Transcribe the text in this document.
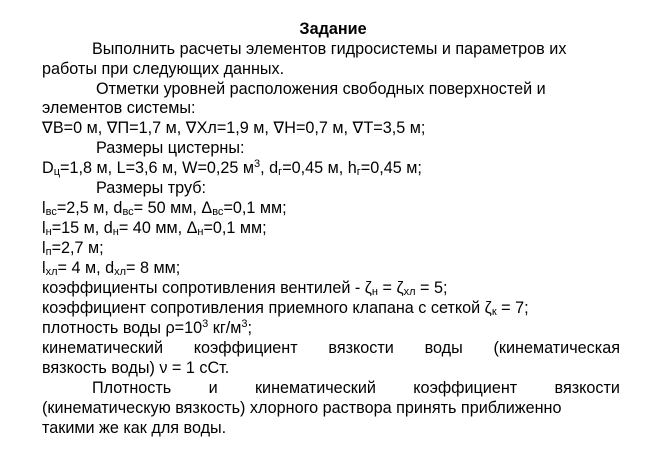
Задание
Выполнить расчеты элементов гидросистемы и параметров их
работы при следующих данных.
Отметки уровней расположения свободных поверхностей и
элементов системы:
∇В=0 м, ∇П=1,7 м, ∇Хл=1,9 м, ∇Н=0,7 м, ∇Т=3,5 м;
Размеры цистерны:
$D_ц=1,8$ м, L=3,6 м, W=0,25 $м^3$, $d_г=0,45$ м, $h_г=0,45$ м;
Размеры труб:
$l_{вс}=2,5$ м, $d_{вс}= 50$ мм, $\Delta_{вс}=0,1$ мм;
$l_н=15$ м, $d_н= 40$ мм, $\Delta_н=0,1$ мм;
$l_п=2,7$ м;
$l_{хл}= 4$ м, $d_{хл}= 8$ мм;
коэффициенты сопротивления вентилей - $\zeta_н = \zeta_{хл} = 5$;
коэффициент сопротивления приемного клапана с сеткой $\zeta_к = 7$;
плотность воды $\rho=10^3$ $кг/м^3$;
кинематический коэффициент вязкости воды (кинематическая
вязкость воды) ν = 1 сСт.
Плотность и кинематический коэффициент вязкости
(кинематическую вязкость) хлорного раствора принять приближенно
такими же как для воды.
